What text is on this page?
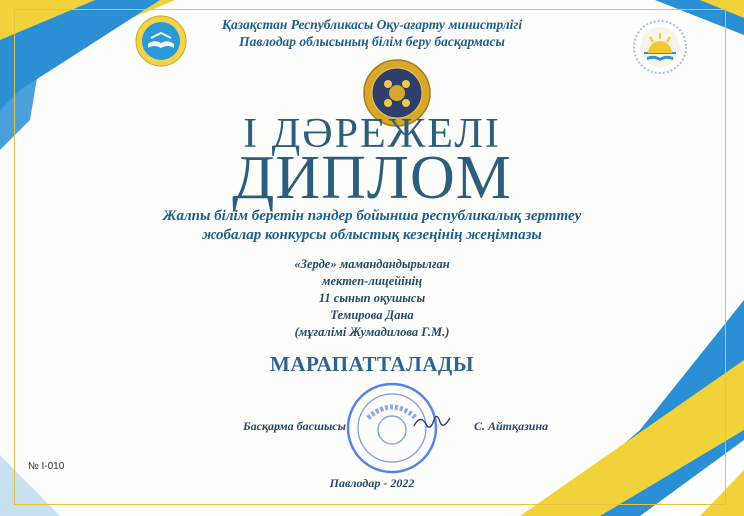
Қазақстан Республикасы Оқу-ағарту министрлігі
Павлодар облысының білім беру басқармасы
І ДӘРЕЖЕЛІ
ДИПЛОМ
Жалпы білім беретін пәндер бойынша республикалық зерттеу
жобалар конкурсы облыстық кезеңінің жеңімпазы
«Зерде» мамандандырылған
мектеп-лицейінің
11 сынып оқушысы
Темирова Дана
(мұғалімі Жумадилова Г.М.)
МАРАПАТТАЛАДЫ
Басқарма басшысы	С. Айтқазина
№ І-010
Павлодар - 2022
